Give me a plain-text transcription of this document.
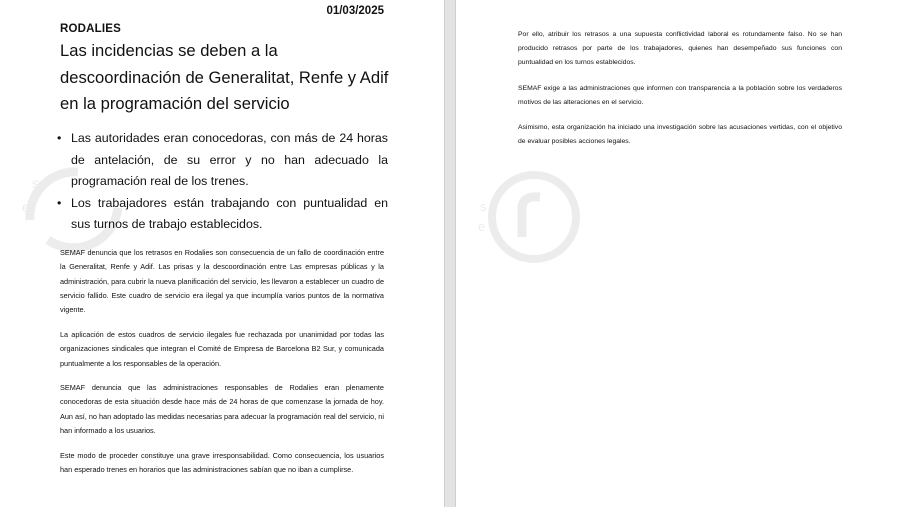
s
e
01/03/2025
RODALIES
Las incidencias se deben a la descoordinación de Generalitat, Renfe y Adif en la programación del servicio
• Las autoridades eran conocedoras, con más de 24 horas de antelación, de su error y no han adecuado la programación real de los trenes.
• Los trabajadores están trabajando con puntualidad en sus turnos de trabajo establecidos.

SEMAF denuncia que los retrasos en Rodalies son consecuencia de un fallo de coordinación entre la Generalitat, Renfe y Adif. Las prisas y la descoordinación entre Las empresas públicas y la administración, para cubrir la nueva planificación del servicio, les llevaron a establecer un cuadro de servicio fallido. Este cuadro de servicio era ilegal ya que incumplía varios puntos de la normativa vigente.

La aplicación de estos cuadros de servicio ilegales fue rechazada por unanimidad por todas las organizaciones sindicales que integran el Comité de Empresa de Barcelona B2 Sur, y comunicada puntualmente a los responsables de la operación.

SEMAF denuncia que las administraciones responsables de Rodalies eran plenamente conocedoras de esta situación desde hace más de 24 horas de que comenzase la jornada de hoy. Aun así, no han adoptado las medidas necesarias para adecuar la programación real del servicio, ni han informado a los usuarios.

Este modo de proceder constituye una grave irresponsabilidad. Como consecuencia, los usuarios han esperado trenes en horarios que las administraciones sabían que no iban a cumplirse.

s
e

Por ello, atribuir los retrasos a una supuesta conflictividad laboral es rotundamente falso. No se han producido retrasos por parte de los trabajadores, quienes han desempeñado sus funciones con puntualidad en los turnos establecidos.

SEMAF exige a las administraciones que informen con transparencia a la población sobre los verdaderos motivos de las alteraciones en el servicio.

Asimismo, esta organización ha iniciado una investigación sobre las acusaciones vertidas, con el objetivo de evaluar posibles acciones legales.
